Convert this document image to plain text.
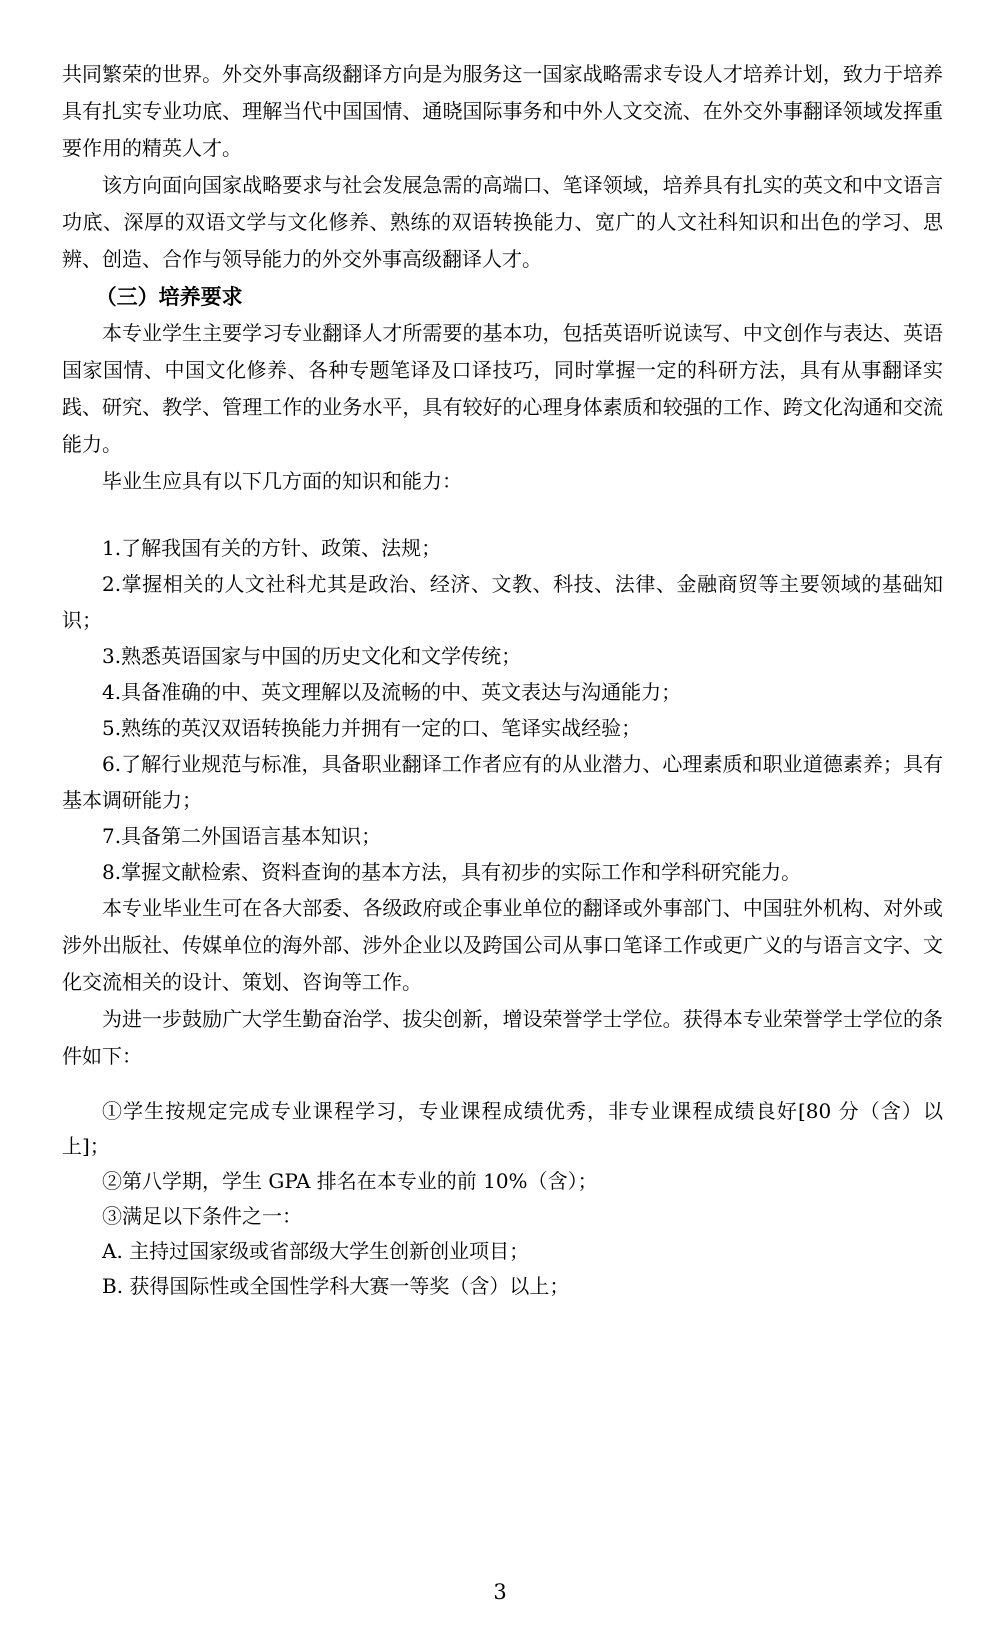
共同繁荣的世界。外交外事高级翻译方向是为服务这一国家战略需求专设人才培养计划，致力于培养具有扎实专业功底、理解当代中国国情、通晓国际事务和中外人文交流、在外交外事翻译领域发挥重要作用的精英人才。

该方向面向国家战略要求与社会发展急需的高端口、笔译领域，培养具有扎实的英文和中文语言功底、深厚的双语文学与文化修养、熟练的双语转换能力、宽广的人文社科知识和出色的学习、思辨、创造、合作与领导能力的外交外事高级翻译人才。

（三）培养要求

本专业学生主要学习专业翻译人才所需要的基本功，包括英语听说读写、中文创作与表达、英语国家国情、中国文化修养、各种专题笔译及口译技巧，同时掌握一定的科研方法，具有从事翻译实践、研究、教学、管理工作的业务水平，具有较好的心理身体素质和较强的工作、跨文化沟通和交流能力。

毕业生应具有以下几方面的知识和能力：

1.了解我国有关的方针、政策、法规；

2.掌握相关的人文社科尤其是政治、经济、文教、科技、法律、金融商贸等主要领域的基础知识；

3.熟悉英语国家与中国的历史文化和文学传统；

4.具备准确的中、英文理解以及流畅的中、英文表达与沟通能力；

5.熟练的英汉双语转换能力并拥有一定的口、笔译实战经验；

6.了解行业规范与标准，具备职业翻译工作者应有的从业潜力、心理素质和职业道德素养；具有基本调研能力；

7.具备第二外国语言基本知识；

8.掌握文献检索、资料查询的基本方法，具有初步的实际工作和学科研究能力。

本专业毕业生可在各大部委、各级政府或企事业单位的翻译或外事部门、中国驻外机构、对外或涉外出版社、传媒单位的海外部、涉外企业以及跨国公司从事口笔译工作或更广义的与语言文字、文化交流相关的设计、策划、咨询等工作。

为进一步鼓励广大学生勤奋治学、拔尖创新，增设荣誉学士学位。获得本专业荣誉学士学位的条件如下：

①学生按规定完成专业课程学习，专业课程成绩优秀，非专业课程成绩良好[80 分（含）以上]；

②第八学期，学生 GPA 排名在本专业的前 10%（含）；

③满足以下条件之一：

A. 主持过国家级或省部级大学生创新创业项目；

B. 获得国际性或全国性学科大赛一等奖（含）以上；

3
